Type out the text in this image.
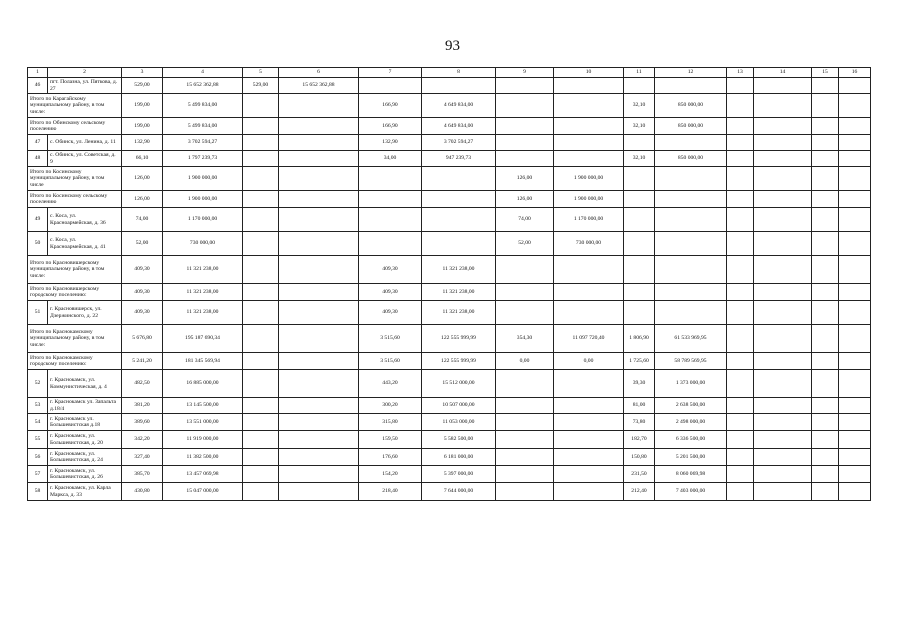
93
1	2	3	4	5	6	7	8	9	10	11	12	13	14	15	16
46	пгт. Полазна, ул. Пяткова, д. 27	529,00	15 652 362,88	529,00	15 652 362,88										
Итого по Карагайскому муниципальному району, в том числе:		199,00	5 499 834,00			166,90	4 649 834,00			32,10	850 000,00				
Итого по Обинскому сельскому поселению		199,00	5 499 834,00			166,90	4 649 834,00			32,10	850 000,00				
47	с. Обинск, ул. Ленина, д. 11	132,90	3 702 594,27			132,90	3 702 594,27								
48	с. Обинск, ул. Советская, д. 9	66,10	1 797 239,73			34,00	947 239,73			32,10	850 000,00				
Итого по Косинскому муниципальному району, в том числе		126,00	1 900 000,00					126,00	1 900 000,00						
Итого по Косинскому сельскому поселению		126,00	1 900 000,00					126,00	1 900 000,00						
49	с. Коса, ул. Красноармейская, д. 36	74,00	1 170 000,00					74,00	1 170 000,00						
50	с. Коса, ул. Красноармейская, д. 41	52,00	730 000,00					52,00	730 000,00						
Итого по Красновишерскому муниципальному району, в том числе:		409,30	11 321 238,00			409,30	11 321 238,00								
Итого по Красновишерскому городскому поселению:		409,30	11 321 238,00			409,30	11 321 238,00								
51	г. Красновишерск, ул. Дзержинского, д. 22	409,30	11 321 238,00			409,30	11 321 238,00								
Итого по Краснокамскому муниципальному району, в том числе:		5 676,80	195 187 690,34			3 515,60	122 555 999,99	354,30	11 097 720,40	1 806,90	61 533 969,95				
Итого по Краснокамскому городскому поселению:		5 241,20	181 345 569,94			3 515,60	122 555 999,99	0,00	0,00	1 725,60	58 789 569,95				
52	г. Краснокамск, ул. Коммунистическая, д. 4	482,50	16 885 000,00			443,20	15 512 000,00			39,30	1 373 000,00				
53	г. Краснокамск ул. Запальта д.18/4	381,20	13 145 500,00			300,20	10 507 000,00			81,00	2 638 500,00				
54	г. Краснокамск ул. Большевистская д.18	389,60	13 551 000,00			315,80	11 053 000,00			73,80	2 498 000,00				
55	г. Краснокамск, ул. Большевистская, д. 20	342,20	11 919 000,00			159,50	5 582 500,00			182,70	6 336 500,00				
56	г. Краснокамск, ул. Большевистская, д. 24	327,40	11 382 500,00			176,60	6 181 000,00			150,80	5 201 500,00				
57	г. Краснокамск, ул. Большевистская, д. 26	385,70	13 457 069,98			154,20	5 397 000,00			231,50	8 060 069,98				
58	г. Краснокамск, ул. Карла Маркса, д. 33	430,80	15 047 000,00			218,40	7 644 000,00			212,40	7 403 000,00				
